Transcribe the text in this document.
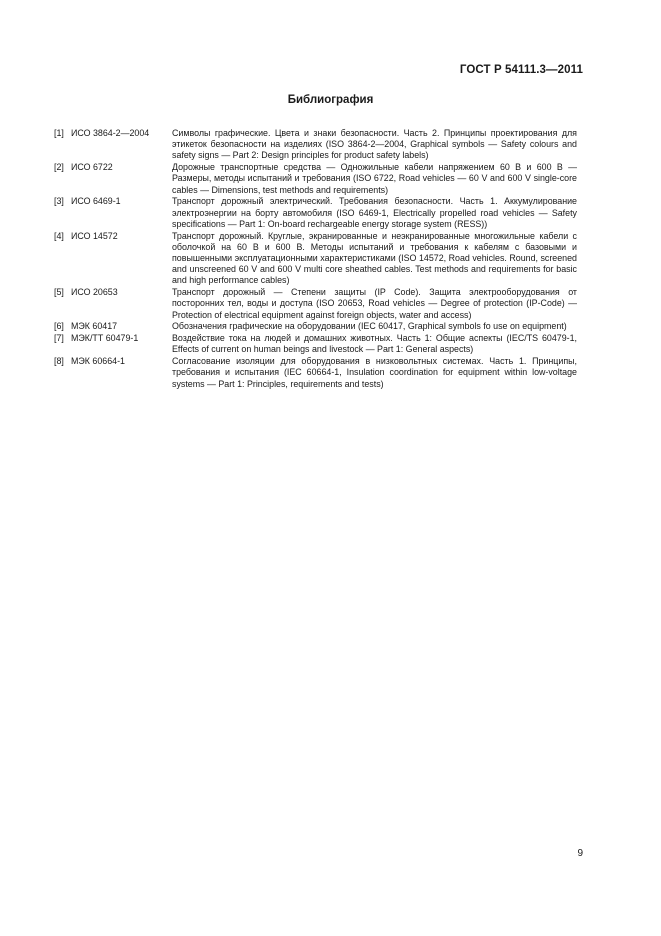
ГОСТ Р 54111.3—2011
Библиография
[1] ИСО 3864-2—2004	Символы графические. Цвета и знаки безопасности. Часть 2. Принципы проектирования для этикеток безопасности на изделиях (ISO 3864-2—2004, Graphical symbols — Safety colours and safety signs — Part 2: Design principles for product safety labels)
[2] ИСО 6722	Дорожные транспортные средства — Одножильные кабели напряжением 60 В и 600 В — Размеры, методы испытаний и требования (ISO 6722, Road vehicles — 60 V and 600 V single-core cables — Dimensions, test methods and requirements)
[3] ИСО 6469-1	Транспорт дорожный электрический. Требования безопасности. Часть 1. Аккумулирование электроэнергии на борту автомобиля (ISO 6469-1, Electrically propelled road vehicles — Safety specifications — Part 1: On-board rechargeable energy storage system (RESS))
[4] ИСО 14572	Транспорт дорожный. Круглые, экранированные и неэкранированные многожильные кабели с оболочкой на 60 В и 600 В. Методы испытаний и требования к кабелям с базовыми и повышенными эксплуатационными характеристиками (ISO 14572, Road vehicles. Round, screened and unscreened 60 V and 600 V multi core sheathed cables. Test methods and requirements for basic and high performance cables)
[5] ИСО 20653	Транспорт дорожный — Степени защиты (IP Code). Защита электрооборудования от посторонних тел, воды и доступа (ISO 20653, Road vehicles — Degree of protection (IP-Code) — Protection of electrical equipment against foreign objects, water and access)
[6] МЭК 60417	Обозначения графические на оборудовании (IEC 60417, Graphical symbols fo use on equipment)
[7] МЭК/ТТ 60479-1	Воздействие тока на людей и домашних животных. Часть 1: Общие аспекты (IEC/TS 60479-1, Effects of current on human beings and livestock — Part 1: General aspects)
[8] МЭК 60664-1	Согласование изоляции для оборудования в низковольтных системах. Часть 1. Принципы, требования и испытания (IEC 60664-1, Insulation coordination for equipment within low-voltage systems — Part 1: Principles, requirements and tests)
9
